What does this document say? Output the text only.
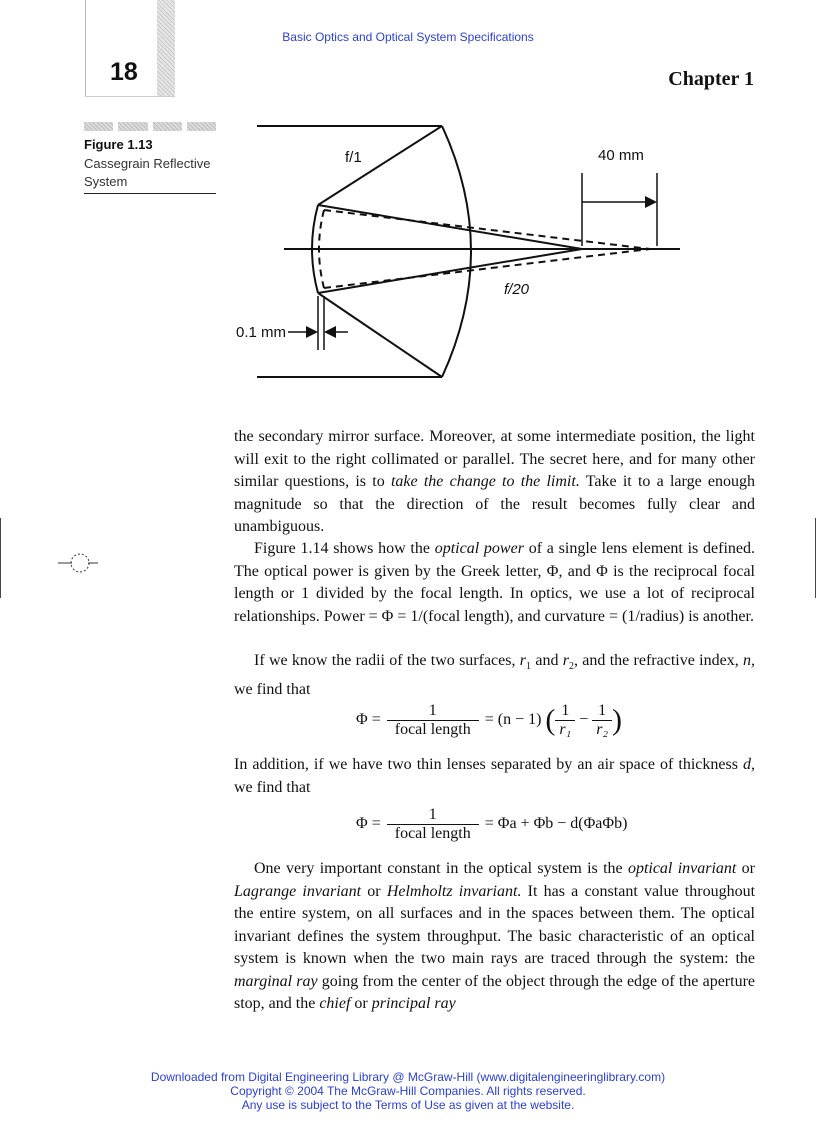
Basic Optics and Optical System Specifications
18	Chapter 1
Figure 1.13
Cassegrain Reflective System
f/1
f/20
40 mm
0.1 mm

the secondary mirror surface. Moreover, at some intermediate position, the light will exit to the right collimated or parallel. The secret here, and for many other similar questions, is to take the change to the limit. Take it to a large enough magnitude so that the direction of the result becomes fully clear and unambiguous.

Figure 1.14 shows how the optical power of a single lens element is defined. The optical power is given by the Greek letter, Φ, and Φ is the reciprocal focal length or 1 divided by the focal length. In optics, we use a lot of reciprocal relationships. Power = Φ = 1/(focal length), and curvature = (1/radius) is another.

If we know the radii of the two surfaces, $r_1$ and $r_2$, and the refractive index, n, we find that

$\Phi = \frac{1}{\text{focal length}} = (n - 1)$ ( $\frac{1}{\text{r₁}} - \frac{1}{\text{r₂}}$ )

In addition, if we have two thin lenses separated by an air space of thickness d, we find that

$\Phi = \frac{1}{\text{focal length}} = \Phi a + \Phi b - d(\Phi a\Phi b)$

One very important constant in the optical system is the optical invariant or Lagrange invariant or Helmholtz invariant. It has a constant value throughout the entire system, on all surfaces and in the spaces between them. The optical invariant defines the system throughput. The basic characteristic of an optical system is known when the two main rays are traced through the system: the marginal ray going from the center of the object through the edge of the aperture stop, and the chief or principal ray

Downloaded from Digital Engineering Library @ McGraw-Hill (www.digitalengineeringlibrary.com)
Copyright © 2004 The McGraw-Hill Companies. All rights reserved.
Any use is subject to the Terms of Use as given at the website.
